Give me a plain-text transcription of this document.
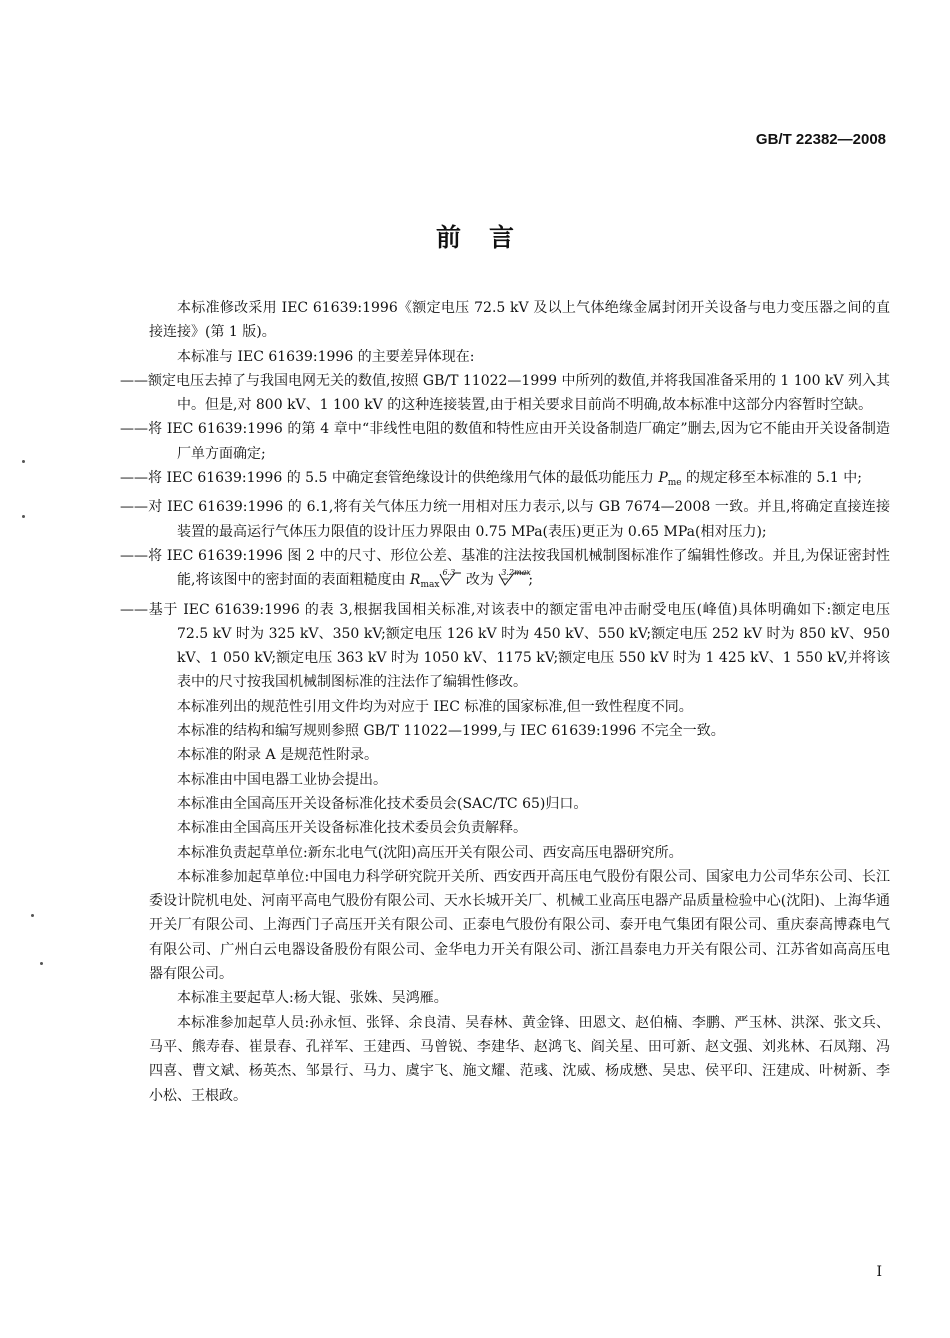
GB/T 22382—2008
前言

本标准修改采用 IEC 61639:1996《额定电压 72.5 kV 及以上气体绝缘金属封闭开关设备与电力变压器之间的直接连接》(第 1 版)。

本标准与 IEC 61639:1996 的主要差异体现在:

——额定电压去掉了与我国电网无关的数值,按照 GB/T 11022—1999 中所列的数值,并将我国准备采用的 1 100 kV 列入其中。但是,对 800 kV、1 100 kV 的这种连接装置,由于相关要求目前尚不明确,故本标准中这部分内容暂时空缺。

——将 IEC 61639:1996 的第 4 章中“非线性电阻的数值和特性应由开关设备制造厂确定”删去,因为它不能由开关设备制造厂单方面确定;

——将 IEC 61639:1996 的 5.5 中确定套管绝缘设计的供绝缘用气体的最低功能压力 $P_{me}$ 的规定移至本标准的 5.1 中;

——对 IEC 61639:1996 的 6.1,将有关气体压力统一用相对压力表示,以与 GB 7674—2008 一致。并且,将确定直接连接装置的最高运行气体压力限值的设计压力界限由 0.75 MPa(表压)更正为 0.65 MPa(相对压力);

——将 IEC 61639:1996 图 2 中的尺寸、形位公差、基准的注法按我国机械制图标准作了编辑性修改。并且,为保证密封性能,将该图中的密封面的表面粗糙度由 $R_{max}$
6.3 改为 3.2max
;

——基于 IEC 61639:1996 的表 3,根据我国相关标准,对该表中的额定雷电冲击耐受电压(峰值)具体明确如下:额定电压 72.5 kV 时为 325 kV、350 kV;额定电压 126 kV 时为 450 kV、550 kV;额定电压 252 kV 时为 850 kV、950 kV、1 050 kV;额定电压 363 kV 时为 1050 kV、1175 kV;额定电压 550 kV 时为 1 425 kV、1 550 kV,并将该表中的尺寸按我国机械制图标准的注法作了编辑性修改。

本标准列出的规范性引用文件均为对应于 IEC 标准的国家标准,但一致性程度不同。

本标准的结构和编写规则参照 GB/T 11022—1999,与 IEC 61639:1996 不完全一致。

本标准的附录 A 是规范性附录。

本标准由中国电器工业协会提出。

本标准由全国高压开关设备标准化技术委员会(SAC/TC 65)归口。

本标准由全国高压开关设备标准化技术委员会负责解释。

本标准负责起草单位:新东北电气(沈阳)高压开关有限公司、西安高压电器研究所。

本标准参加起草单位:中国电力科学研究院开关所、西安西开高压电气股份有限公司、国家电力公司华东公司、长江委设计院机电处、河南平高电气股份有限公司、天水长城开关厂、机械工业高压电器产品质量检验中心(沈阳)、上海华通开关厂有限公司、上海西门子高压开关有限公司、正泰电气股份有限公司、泰开电气集团有限公司、重庆泰高博森电气有限公司、广州白云电器设备股份有限公司、金华电力开关有限公司、浙江昌泰电力开关有限公司、江苏省如高高压电器有限公司。

本标准主要起草人:杨大锟、张姝、吴鸿雁。

本标准参加起草人员:孙永恒、张铎、余良清、吴春林、黄金锋、田恩文、赵伯楠、李鹏、严玉林、洪深、张文兵、马平、熊寿春、崔景春、孔祥军、王建西、马曾锐、李建华、赵鸿飞、阎关星、田可新、赵文强、刘兆林、石凤翔、冯四喜、曹文斌、杨英杰、邹景行、马力、虞宇飞、施文耀、范彧、沈威、杨成懋、吴忠、侯平印、汪建成、叶树新、李小松、王根政。

I
